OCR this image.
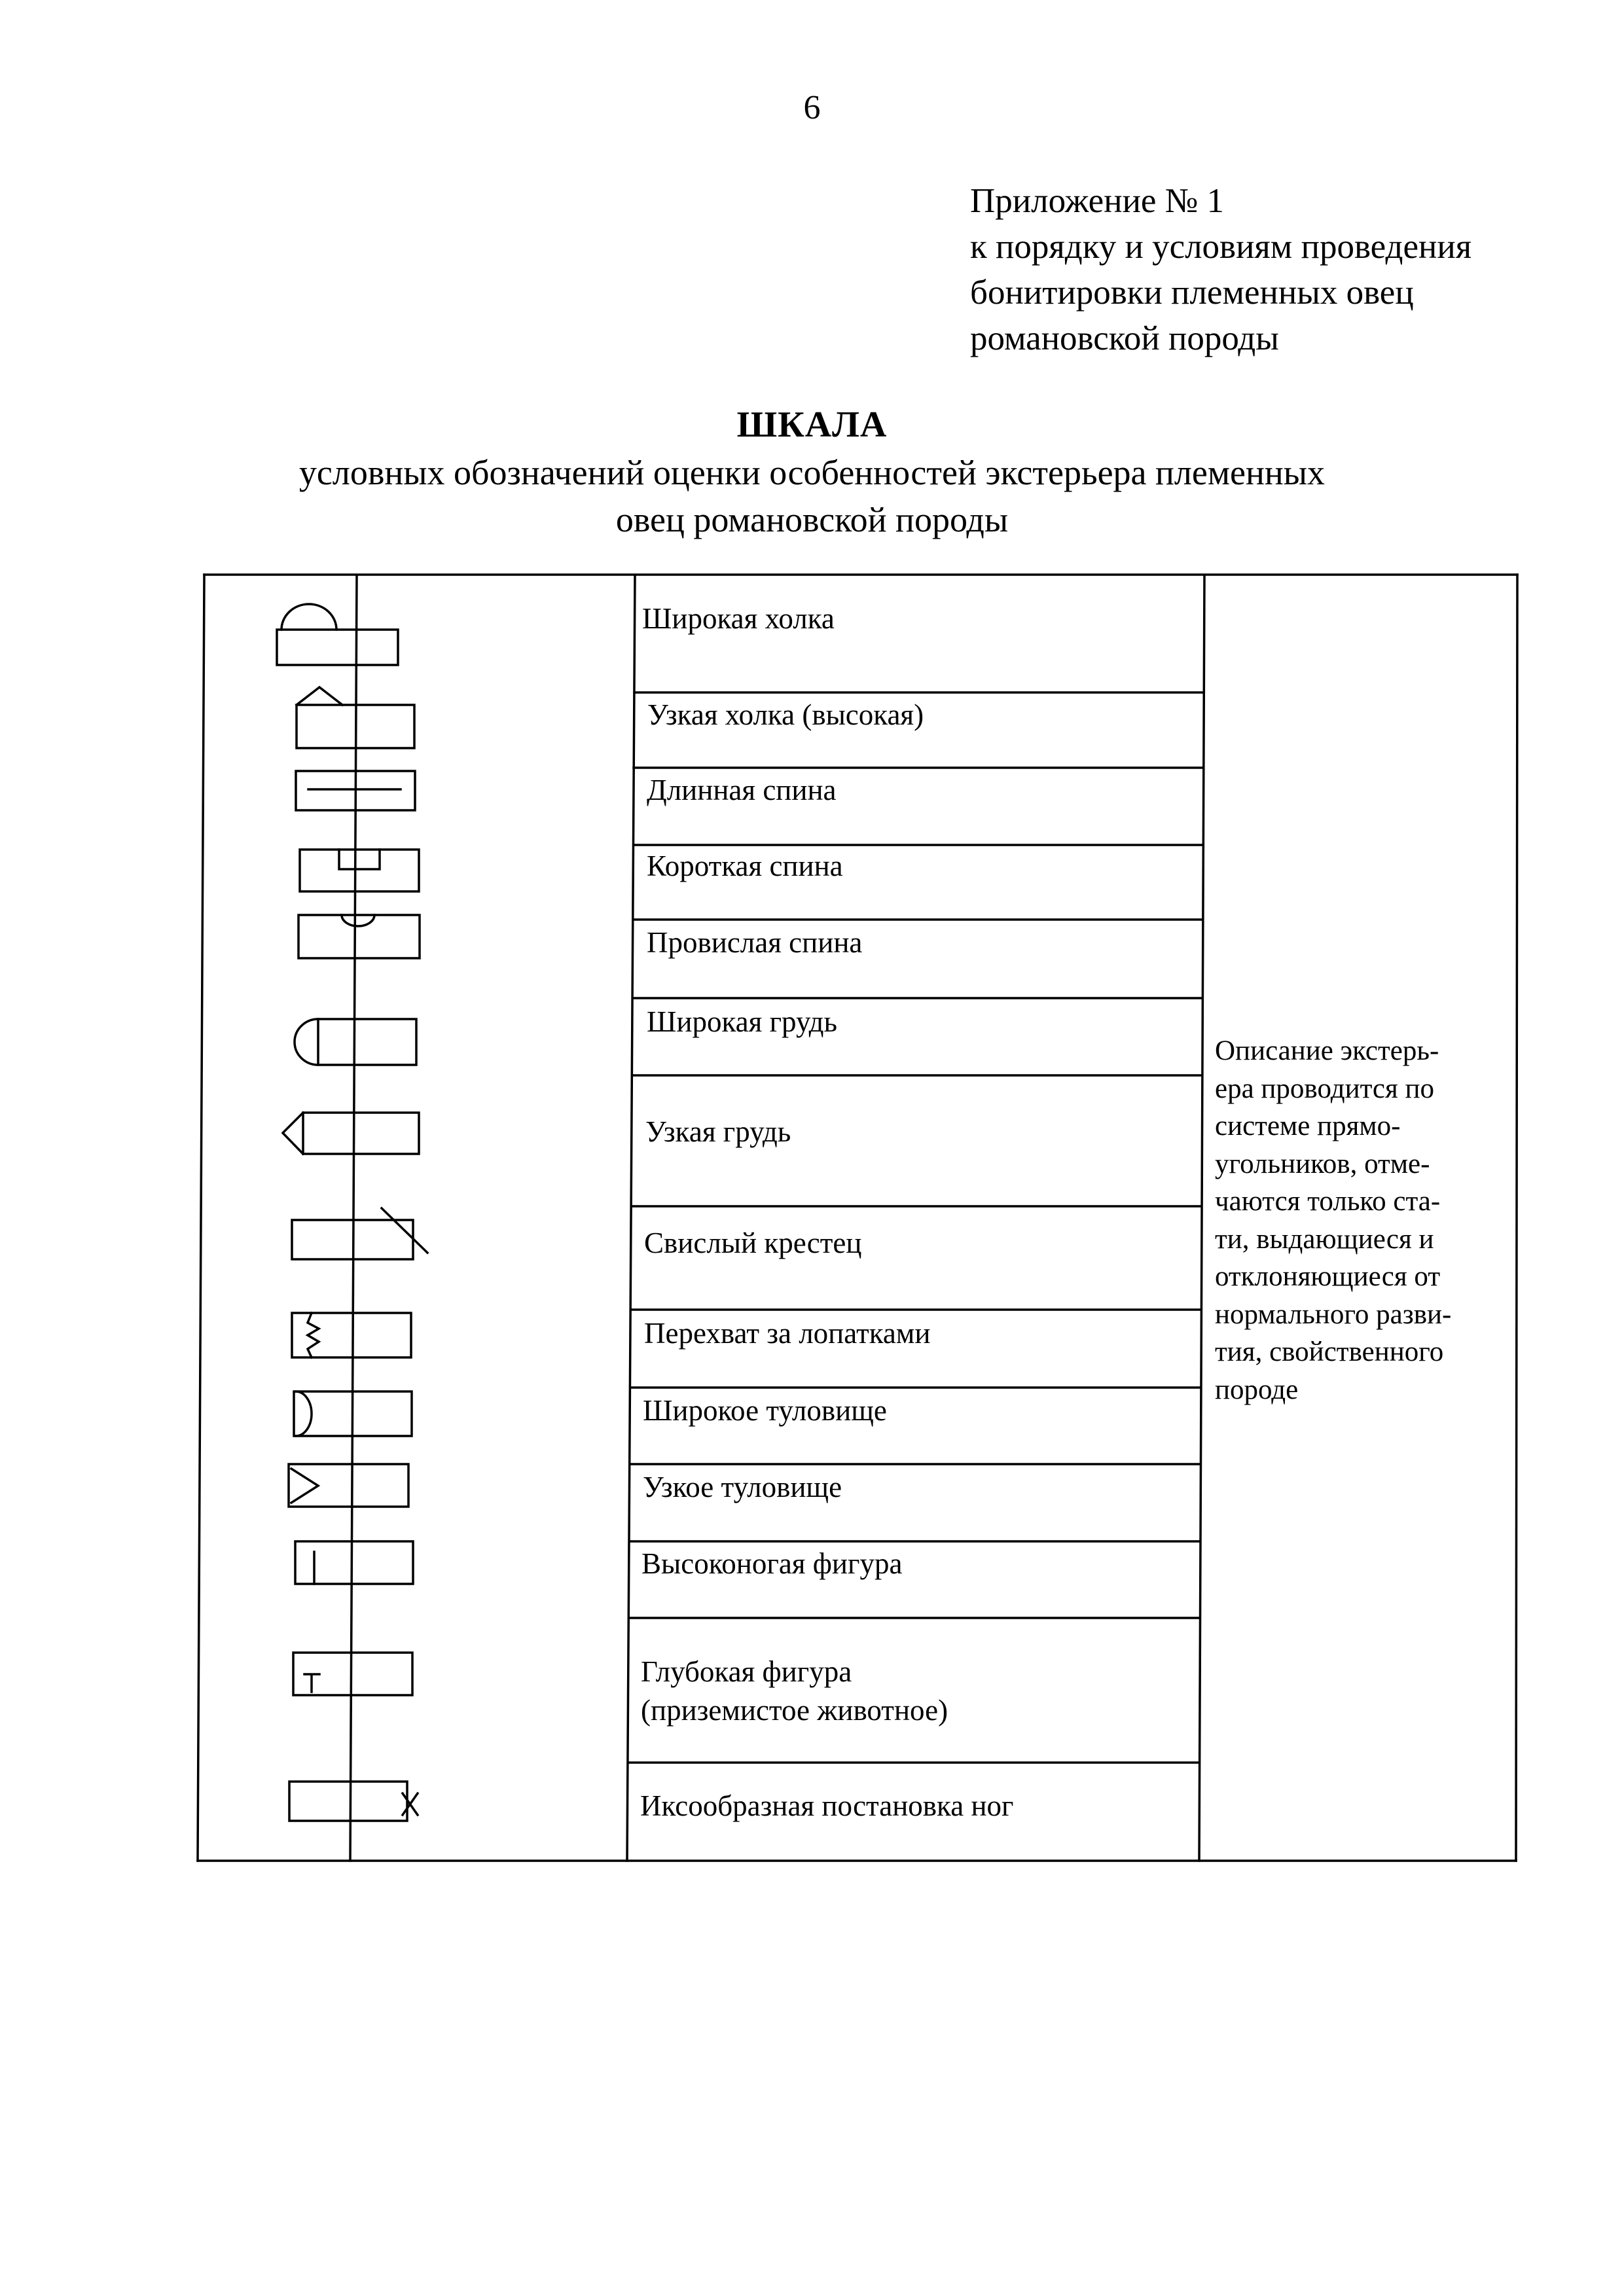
6
Приложение № 1
к порядку и условиям проведения
бонитировки племенных овец
романовской породы
ШКАЛА
условных обозначений оценки особенностей экстерьера племенных
овец романовской породы
Широкая холка
Узкая холка (высокая)
Длинная спина
Короткая спина
Провислая спина
Широкая грудь
Узкая грудь
Свислый крестец
Перехват за лопатками
Широкое туловище
Узкое туловище
Высоконогая фигура
Глубокая фигура
(приземистое животное)
Иксообразная постановка ног
Описание экстерь-
ера проводится по
системе прямо-
угольников, отме-
чаются только ста-
ти, выдающиеся и
отклоняющиеся от
нормального разви-
тия, свойственного
породе
